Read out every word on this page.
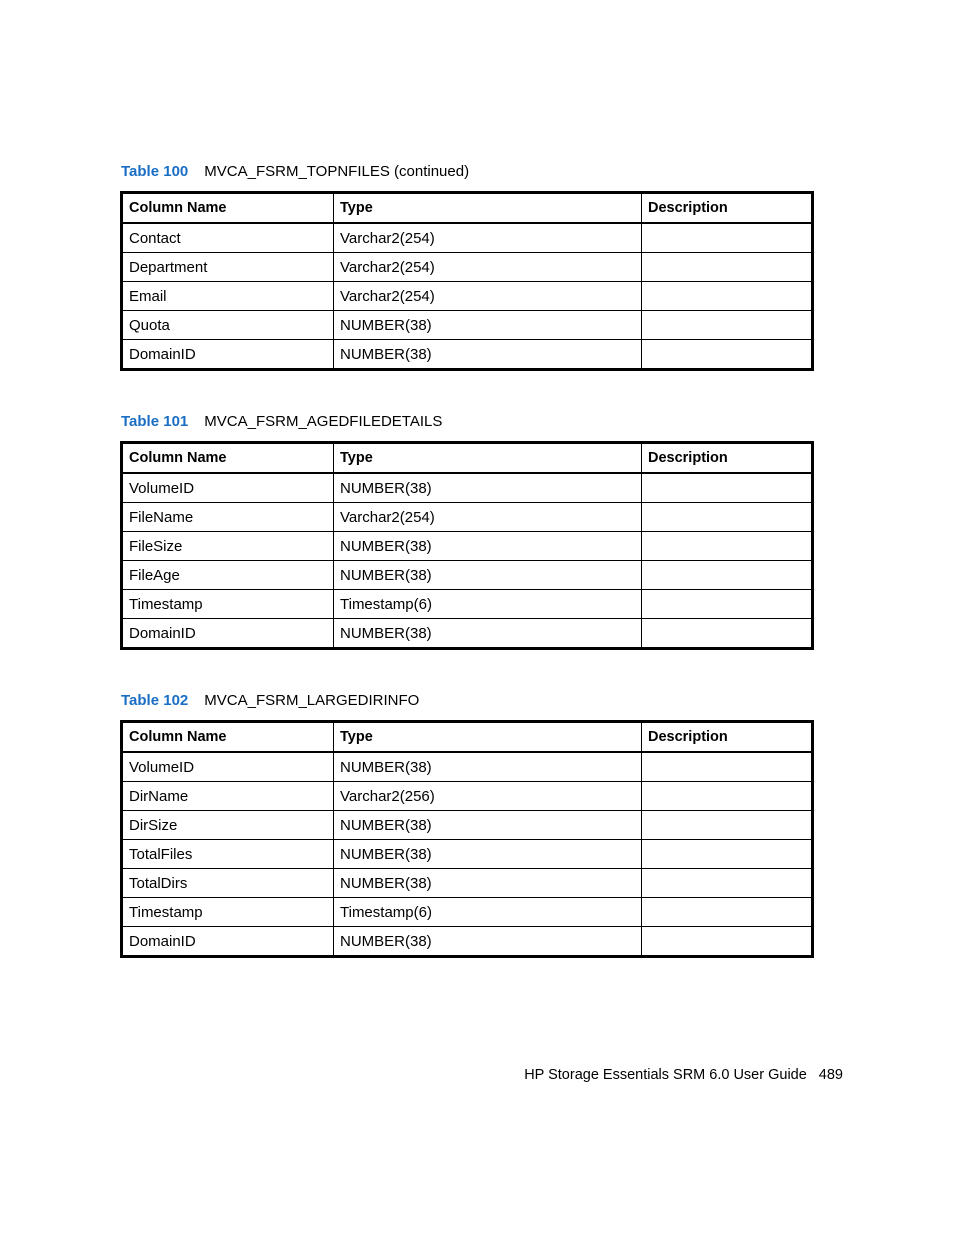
Table 100 MVCA_FSRM_TOPNFILES (continued)
Column Name	Type	Description
Contact	Varchar2(254)	
Department	Varchar2(254)	
Email	Varchar2(254)	
Quota	NUMBER(38)	
DomainID	NUMBER(38)	
Table 101 MVCA_FSRM_AGEDFILEDETAILS
Column Name	Type	Description
VolumeID	NUMBER(38)	
FileName	Varchar2(254)	
FileSize	NUMBER(38)	
FileAge	NUMBER(38)	
Timestamp	Timestamp(6)	
DomainID	NUMBER(38)	
Table 102 MVCA_FSRM_LARGEDIRINFO
Column Name	Type	Description
VolumeID	NUMBER(38)	
DirName	Varchar2(256)	
DirSize	NUMBER(38)	
TotalFiles	NUMBER(38)	
TotalDirs	NUMBER(38)	
Timestamp	Timestamp(6)	
DomainID	NUMBER(38)	
HP Storage Essentials SRM 6.0 User Guide 489
